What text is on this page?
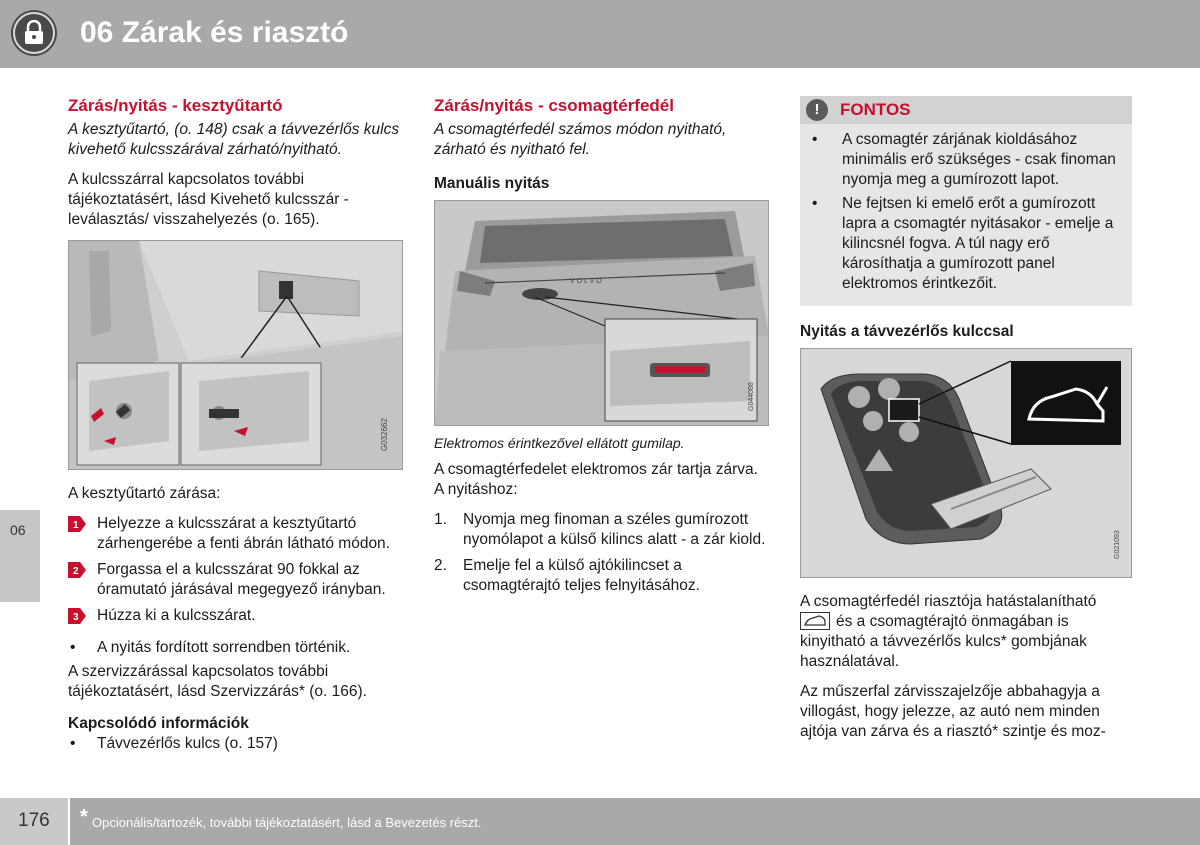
06 Zárak és riasztó
06
Zárás/nyitás - kesztyűtartó

A kesztyűtartó, (o. 148) csak a távvezérlős kulcs kivehető kulcsszárával zárható/nyitható.

A kulcsszárral kapcsolatos további tájékoztatásért, lásd Kivehető kulcsszár - leválasztás/ visszahelyezés (o. 165).

G032662

A kesztyűtartó zárása:

1 Helyezze a kulcsszárat a kesztyűtartó zárhengerébe a fenti ábrán látható módon.
2 Forgassa el a kulcsszárat 90 fokkal az óramutató járásával megegyező irányban.
3 Húzza ki a kulcsszárat.
•	A nyitás fordított sorrendben történik.

A szervizzárással kapcsolatos további tájékoztatásért, lásd Szervizzárás* (o. 166).

Kapcsolódó információk
•	Távvezérlős kulcs (o. 157)
Zárás/nyitás - csomagtérfedél

A csomagtérfedél számos módon nyitható, zárható és nyitható fel.

Manuális nyitás
V O L V O
G044088

Elektromos érintkezővel ellátott gumilap.

A csomagtérfedelet elektromos zár tartja zárva. A nyitáshoz:

1.	Nyomja meg finoman a széles gumírozott nyomólapot a külső kilincs alatt - a zár kiold.
2.	Emelje fel a külső ajtókilincset a csomagtérajtó teljes felnyitásához.
!	FONTOS
•	A csomagtér zárjának kioldásához minimális erő szükséges - csak finoman nyomja meg a gumírozott lapot.
•	Ne fejtsen ki emelő erőt a gumírozott lapra a csomagtér nyitásakor - emelje a kilincsnél fogva. A túl nagy erő károsíthatja a gumírozott panel elektromos érintkezőit.
Nyitás a távvezérlős kulccsal
G021093

A csomagtérfedél riasztója hatástalanítható
és a csomagtérajtó önmagában is kinyitható a távvezérlős kulcs* gombjának használatával.

Az műszerfal zárvisszajelzője abbahagyja a villogást, hogy jelezze, az autó nem minden ajtója van zárva és a riasztó* szintje és moz-

176 * Opcionális/tartozék, további tájékoztatásért, lásd a Bevezetés részt.
